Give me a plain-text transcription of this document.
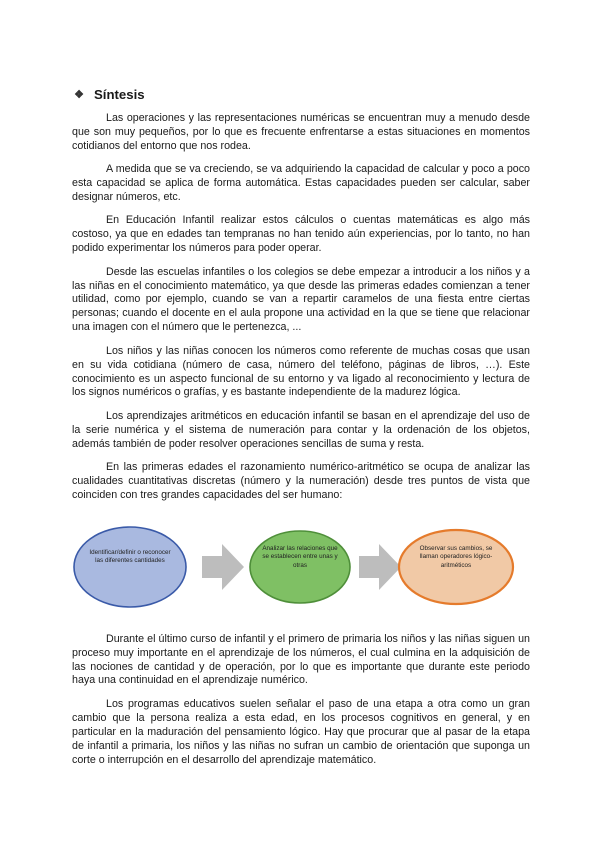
❖ Síntesis

Las operaciones y las representaciones numéricas se encuentran muy a menudo desde que son muy pequeños, por lo que es frecuente enfrentarse a estas situaciones en momentos cotidianos del entorno que nos rodea.

A medida que se va creciendo, se va adquiriendo la capacidad de calcular y poco a poco esta capacidad se aplica de forma automática. Estas capacidades pueden ser calcular, saber designar números, etc.

En Educación Infantil realizar estos cálculos o cuentas matemáticas es algo más costoso, ya que en edades tan tempranas no han tenido aún experiencias, por lo tanto, no han podido experimentar los números para poder operar.

Desde las escuelas infantiles o los colegios se debe empezar a introducir a los niños y a las niñas en el conocimiento matemático, ya que desde las primeras edades comienzan a tener utilidad, como por ejemplo, cuando se van a repartir caramelos de una fiesta entre ciertas personas; cuando el docente en el aula propone una actividad en la que se tiene que relacionar una imagen con el número que le pertenezca, ...

Los niños y las niñas conocen los números como referente de muchas cosas que usan en su vida cotidiana (número de casa, número del teléfono, páginas de libros, …). Este conocimiento es un aspecto funcional de su entorno y va ligado al reconocimiento y lectura de los signos numéricos o grafías, y es bastante independiente de la madurez lógica.

Los aprendizajes aritméticos en educación infantil se basan en el aprendizaje del uso de la serie numérica y el sistema de numeración para contar y la ordenación de los objetos, además también de poder resolver operaciones sencillas de suma y resta.

En las primeras edades el razonamiento numérico-aritmético se ocupa de analizar las cualidades cuantitativas discretas (número y la numeración) desde tres puntos de vista que coinciden con tres grandes capacidades del ser humano:

Identificar/definir o reconocer las diferentes cantidades
Analizar las relaciones que se establecen entre unas y otras
Observar sus cambios, se llaman operadores lógico-aritméticos

Durante el último curso de infantil y el primero de primaria los niños y las niñas siguen un proceso muy importante en el aprendizaje de los números, el cual culmina en la adquisición de las nociones de cantidad y de operación, por lo que es importante que durante este periodo haya una continuidad en el aprendizaje numérico.

Los programas educativos suelen señalar el paso de una etapa a otra como un gran cambio que la persona realiza a esta edad, en los procesos cognitivos en general, y en particular en la maduración del pensamiento lógico. Hay que procurar que al pasar de la etapa de infantil a primaria, los niños y las niñas no sufran un cambio de orientación que suponga un corte o interrupción en el desarrollo del aprendizaje matemático.
